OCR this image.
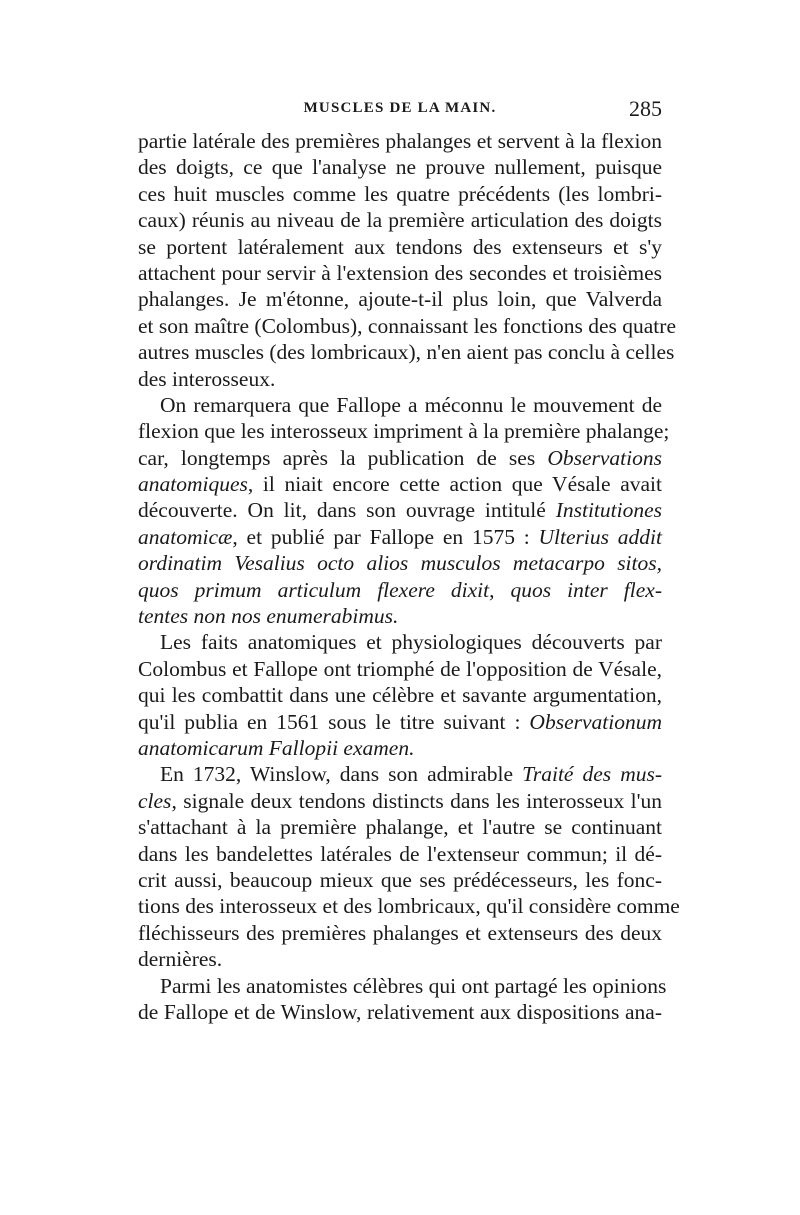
MUSCLES DE LA MAIN.	285
partie latérale des premières phalanges et servent à la flexion
des doigts, ce que l'analyse ne prouve nullement, puisque
ces huit muscles comme les quatre précédents (les lombri-
caux) réunis au niveau de la première articulation des doigts
se portent latéralement aux tendons des extenseurs et s'y
attachent pour servir à l'extension des secondes et troisièmes
phalanges. Je m'étonne, ajoute-t-il plus loin, que Valverda
et son maître (Colombus), connaissant les fonctions des quatre
autres muscles (des lombricaux), n'en aient pas conclu à celles
des interosseux.
On remarquera que Fallope a méconnu le mouvement de
flexion que les interosseux impriment à la première phalange;
car, longtemps après la publication de ses Observations
anatomiques, il niait encore cette action que Vésale avait
découverte. On lit, dans son ouvrage intitulé Institutiones
anatomicæ, et publié par Fallope en 1575 : Ulterius addit
ordinatim Vesalius octo alios musculos metacarpo sitos,
quos primum articulum flexere dixit, quos inter flex-
tentes non nos enumerabimus.
Les faits anatomiques et physiologiques découverts par
Colombus et Fallope ont triomphé de l'opposition de Vésale,
qui les combattit dans une célèbre et savante argumentation,
qu'il publia en 1561 sous le titre suivant : Observationum
anatomicarum Fallopii examen.
En 1732, Winslow, dans son admirable Traité des mus-
cles, signale deux tendons distincts dans les interosseux l'un
s'attachant à la première phalange, et l'autre se continuant
dans les bandelettes latérales de l'extenseur commun; il dé-
crit aussi, beaucoup mieux que ses prédécesseurs, les fonc-
tions des interosseux et des lombricaux, qu'il considère comme
fléchisseurs des premières phalanges et extenseurs des deux
dernières.
Parmi les anatomistes célèbres qui ont partagé les opinions
de Fallope et de Winslow, relativement aux dispositions ana-
